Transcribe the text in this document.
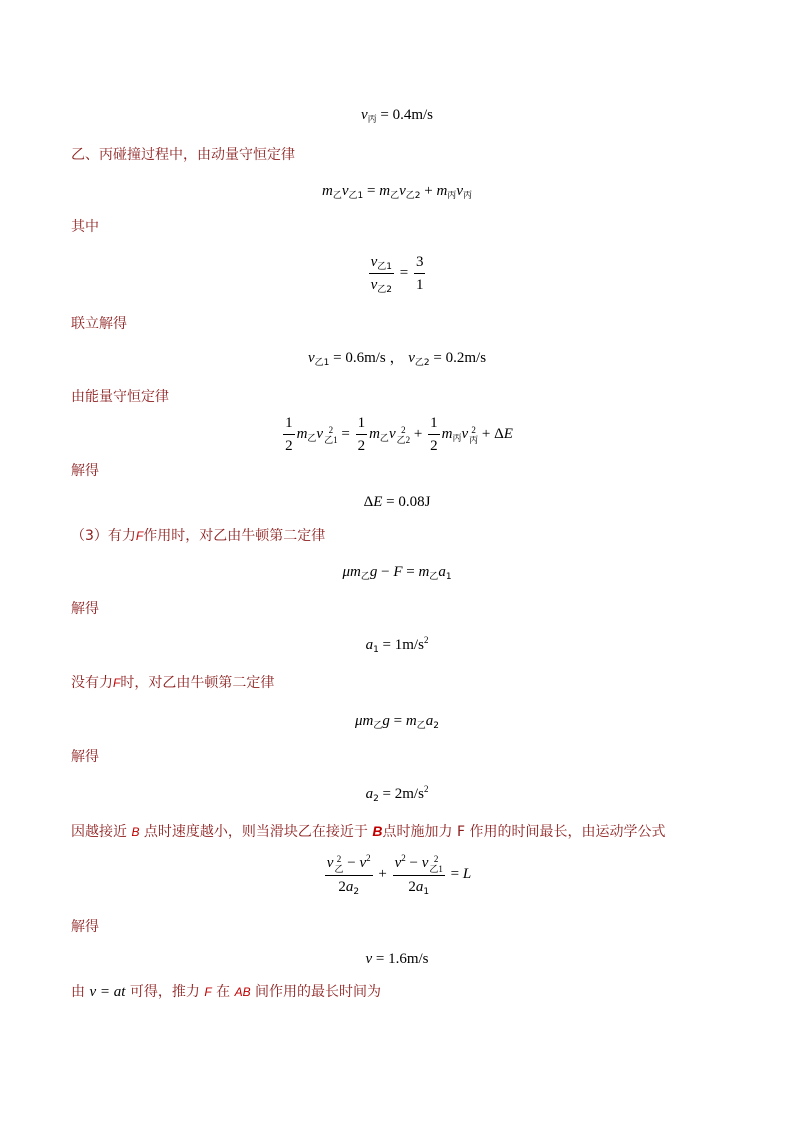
$v_丙 = 0.4m/s$
乙、丙碰撞过程中，由动量守恒定律
$m_乙v_{乙1} = m_乙v_{乙2} + m_丙v_丙$
其中
$\frac{v_{乙1}}{v_{乙2}} = \frac{3}{1}$
联立解得
$v_{乙1} = 0.6m/s$ ， $v_{乙2} = 0.2m/s$
由能量守恒定律
$\frac{1}{2} m_乙v$ 2
乙$1 = \frac{1}{2} m_乙v$ 2
乙$2 + \frac{1}{2} m_丙v$ 2
丙 + ΔE
解得
ΔE = 0.08J
（3）有力F作用时，对乙由牛顿第二定律
$\mu m_乙g - F = m_乙a_1$
解得
$a_1 = 1m/s^2$
没有力F时，对乙由牛顿第二定律
$\mu m_乙g = m_乙a_2$
解得
$a_2 = 2m/s^2$
因越接近 B 点时速度越小，则当滑块乙在接近于 B点时施加力 F 作用的时间最长，由运动学公式
v 2
乙 − $v^2$
$2a_2 + v^2 - v$ 2
乙1
$2a_1 = L$
解得
v = 1.6m/s
由 v = at 可得，推力 F 在 AB 间作用的最长时间为
